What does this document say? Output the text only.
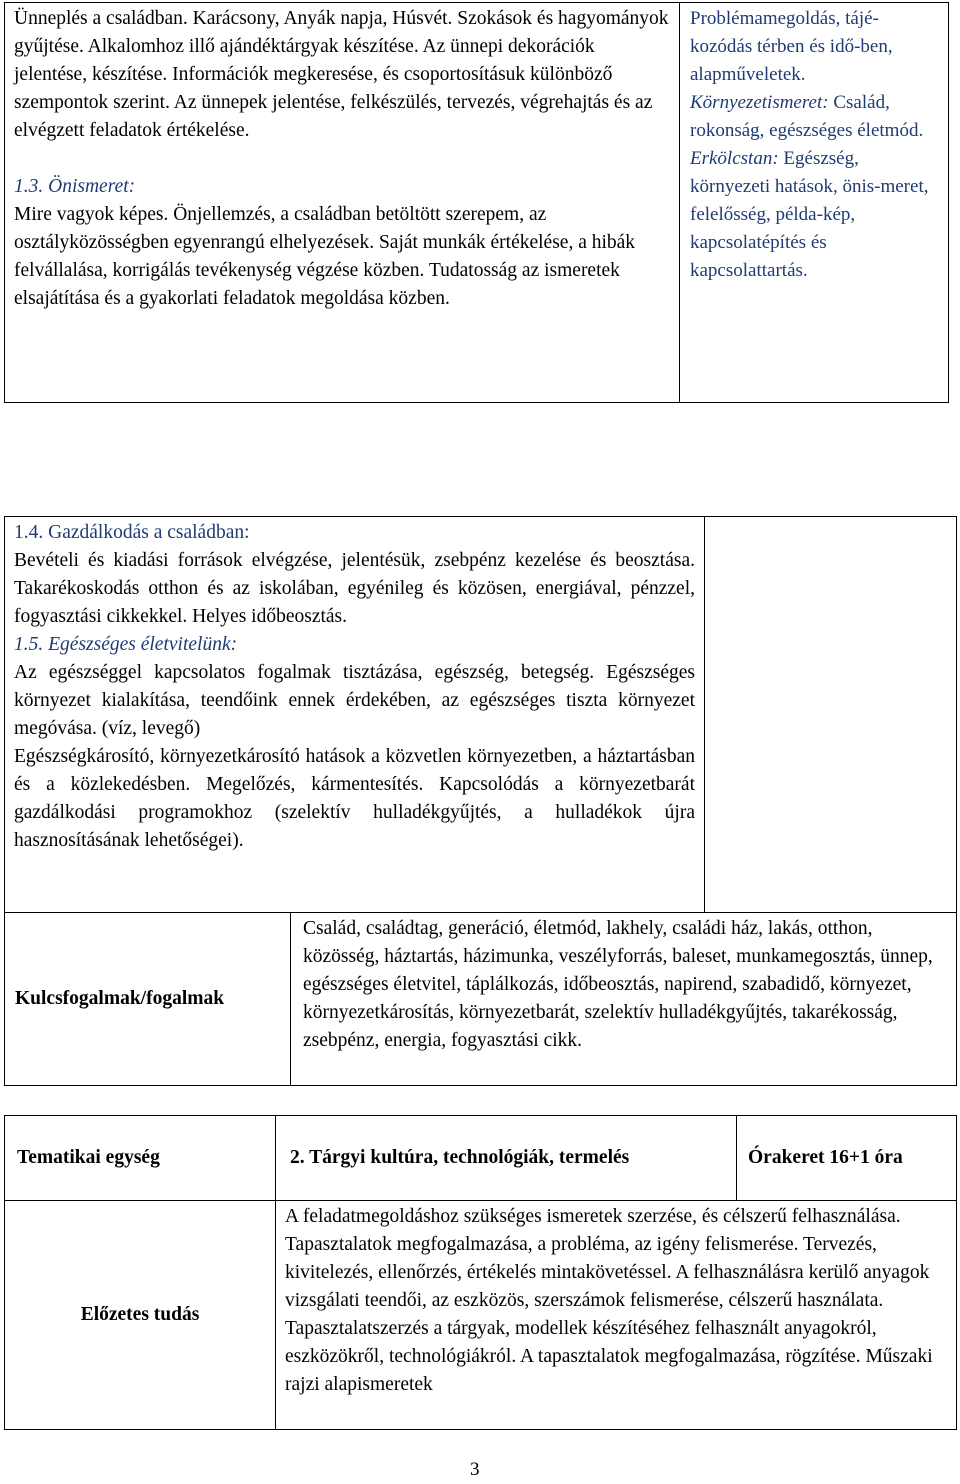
Ünneplés a családban. Karácsony, Anyák napja, Húsvét. Szokások és hagyományok gyűjtése. Alkalomhoz illő ajándéktárgyak készítése. Az ünnepi dekorációk jelentése, készítése. Információk megkeresése, és csoportosításuk különböző szempontok szerint. Az ünnepek jelentése, felkészülés, tervezés, végrehajtás és az elvégzett feladatok értékelése.

1.3. Önismeret:

Mire vagyok képes. Önjellemzés, a családban betöltött szerepem, az osztályközösségben egyenrangú elhelyezések. Saját munkák értékelése, a hibák felvállalása, korrigálás tevékenység végzése közben. Tudatosság az ismeretek elsajátítása és a gyakorlati feladatok megoldása közben.

Problémamegoldás, tájé-kozódás térben és idő-ben, alapműveletek.

Környezetismeret: Család, rokonság, egészséges életmód.

Erkölcstan: Egészség, környezeti hatások, önis-meret, felelősség, példa-kép, kapcsolatépítés és kapcsolattartás.

1.4. Gazdálkodás a családban:

Bevételi és kiadási források elvégzése, jelentésük, zsebpénz kezelése és beosztása. Takarékoskodás otthon és az iskolában, egyénileg és közösen, energiával, pénzzel, fogyasztási cikkekkel. Helyes időbeosztás.

1.5. Egészséges életvitelünk:

Az egészséggel kapcsolatos fogalmak tisztázása, egészség, betegség. Egészséges környezet kialakítása, teendőink ennek érdekében, az egészséges tiszta környezet megóvása. (víz, levegő)

Egészségkárosító, környezetkárosító hatások a közvetlen környezetben, a háztartásban és a közlekedésben. Megelőzés, kármentesítés. Kapcsolódás a környezetbarát gazdálkodási programokhoz (szelektív hulladékgyűjtés, a hulladékok újra hasznosításának lehetőségei).

Kulcsfogalmak/fogalmak

Család, családtag, generáció, életmód, lakhely, családi ház, lakás, otthon, közösség, háztartás, házimunka, veszélyforrás, baleset, munkamegosztás, ünnep, egészséges életvitel, táplálkozás, időbeosztás, napirend, szabadidő, környezet, környezetkárosítás, környezetbarát, szelektív hulladékgyűjtés, takarékosság, zsebpénz, energia, fogyasztási cikk.

Tematikai egység	2. Tárgyi kultúra, technológiák, termelés	Órakeret 16+1 óra
Előzetes tudás

A feladatmegoldáshoz szükséges ismeretek szerzése, és célszerű felhasználása. Tapasztalatok megfogalmazása, a probléma, az igény felismerése. Tervezés, kivitelezés, ellenőrzés, értékelés mintakövetéssel. A felhasználásra kerülő anyagok vizsgálati teendői, az eszközös, szerszámok felismerése, célszerű használata. Tapasztalatszerzés a tárgyak, modellek készítéséhez felhasznált anyagokról, eszközökről, technológiákról. A tapasztalatok megfogalmazása, rögzítése. Műszaki rajzi alapismeretek

3
